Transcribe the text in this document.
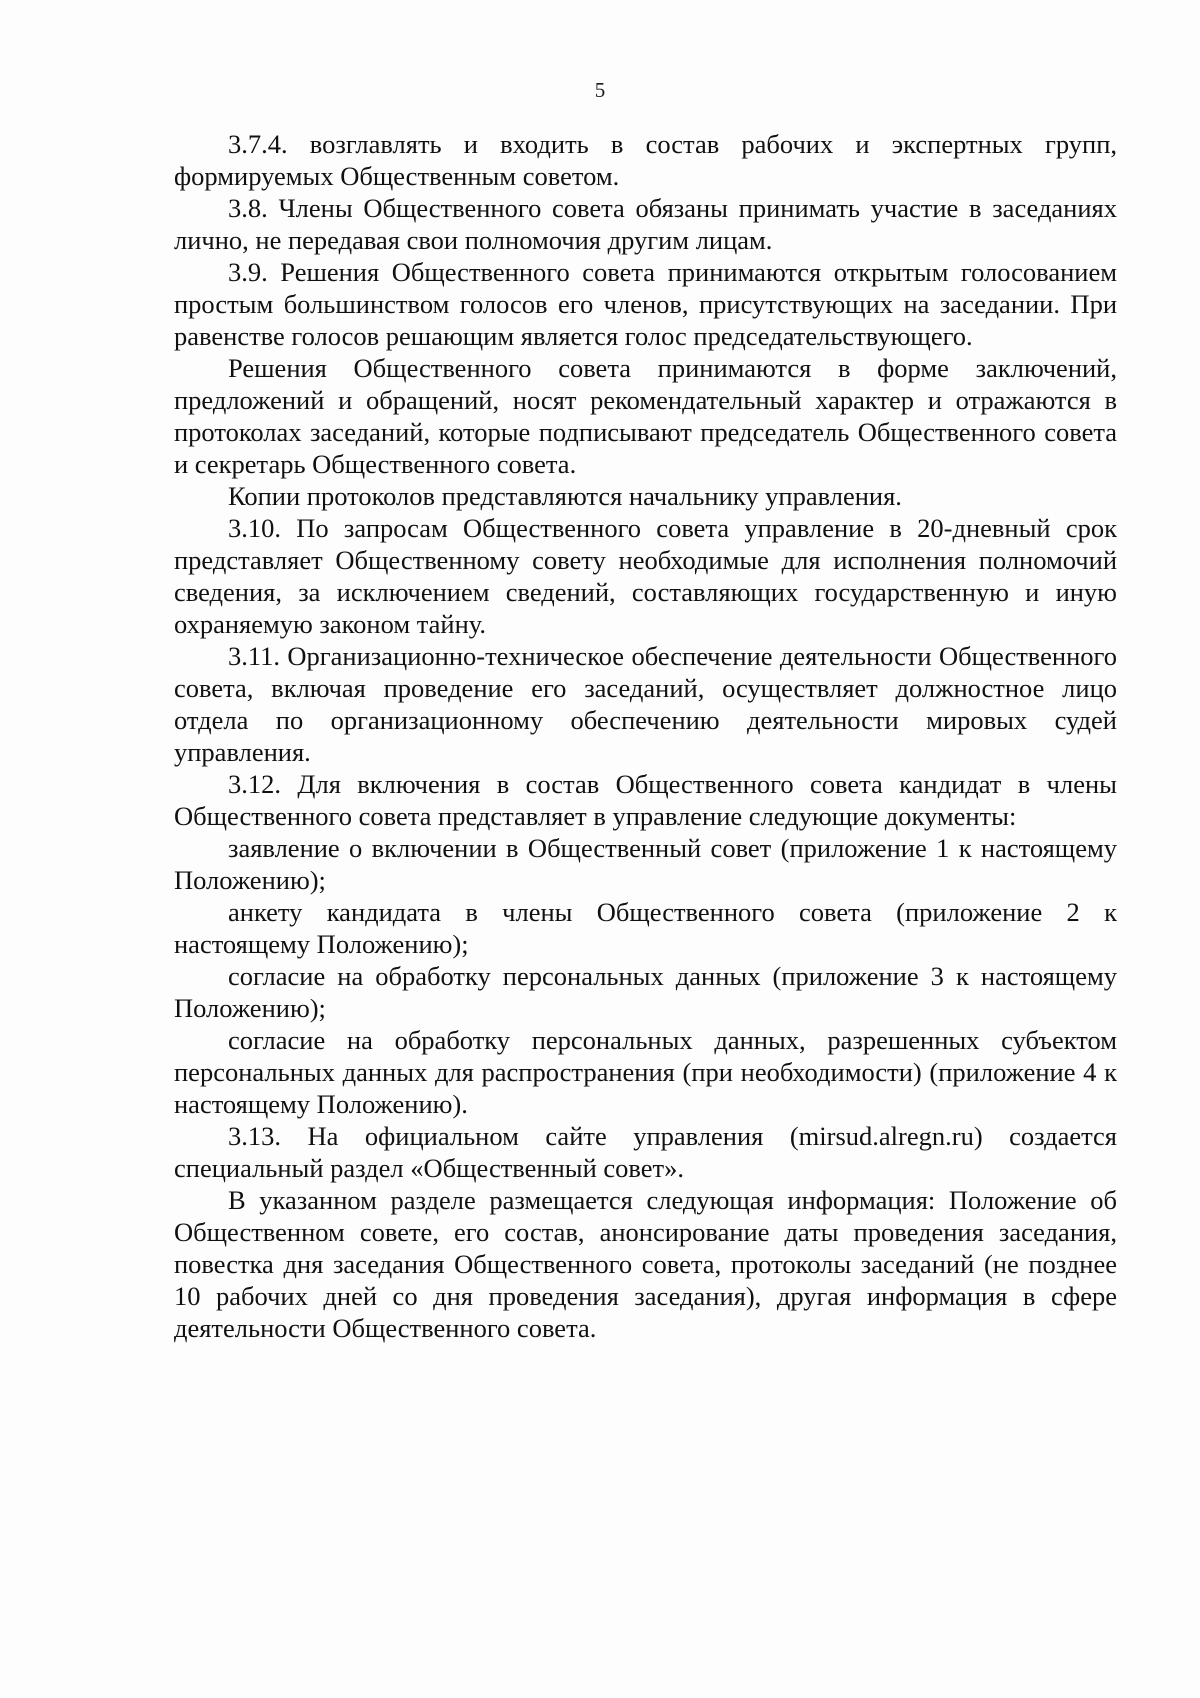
5

3.7.4. возглавлять и входить в состав рабочих и экспертных групп, формируемых Общественным советом.

3.8. Члены Общественного совета обязаны принимать участие в заседаниях лично, не передавая свои полномочия другим лицам.

3.9. Решения Общественного совета принимаются открытым голосованием простым большинством голосов его членов, присутствующих на заседании. При равенстве голосов решающим является голос председательствующего.

Решения Общественного совета принимаются в форме заключений, предложений и обращений, носят рекомендательный характер и отражаются в протоколах заседаний, которые подписывают председатель Общественного совета и секретарь Общественного совета.

Копии протоколов представляются начальнику управления.

3.10. По запросам Общественного совета управление в 20-дневный срок представляет Общественному совету необходимые для исполнения полномочий сведения, за исключением сведений, составляющих государственную и иную охраняемую законом тайну.

3.11. Организационно-техническое обеспечение деятельности Общественного совета, включая проведение его заседаний, осуществляет должностное лицо отдела по организационному обеспечению деятельности мировых судей управления.

3.12. Для включения в состав Общественного совета кандидат в члены Общественного совета представляет в управление следующие документы:

заявление о включении в Общественный совет (приложение 1 к настоящему Положению);

анкету кандидата в члены Общественного совета (приложение 2 к настоящему Положению);

согласие на обработку персональных данных (приложение 3 к настоящему Положению);

согласие на обработку персональных данных, разрешенных субъектом персональных данных для распространения (при необходимости) (приложение 4 к настоящему Положению).

3.13. На официальном сайте управления (mirsud.alregn.ru) создается специальный раздел «Общественный совет».

В указанном разделе размещается следующая информация: Положение об Общественном совете, его состав, анонсирование даты проведения заседания, повестка дня заседания Общественного совета, протоколы заседаний (не позднее 10 рабочих дней со дня проведения заседания), другая информация в сфере деятельности Общественного совета.
